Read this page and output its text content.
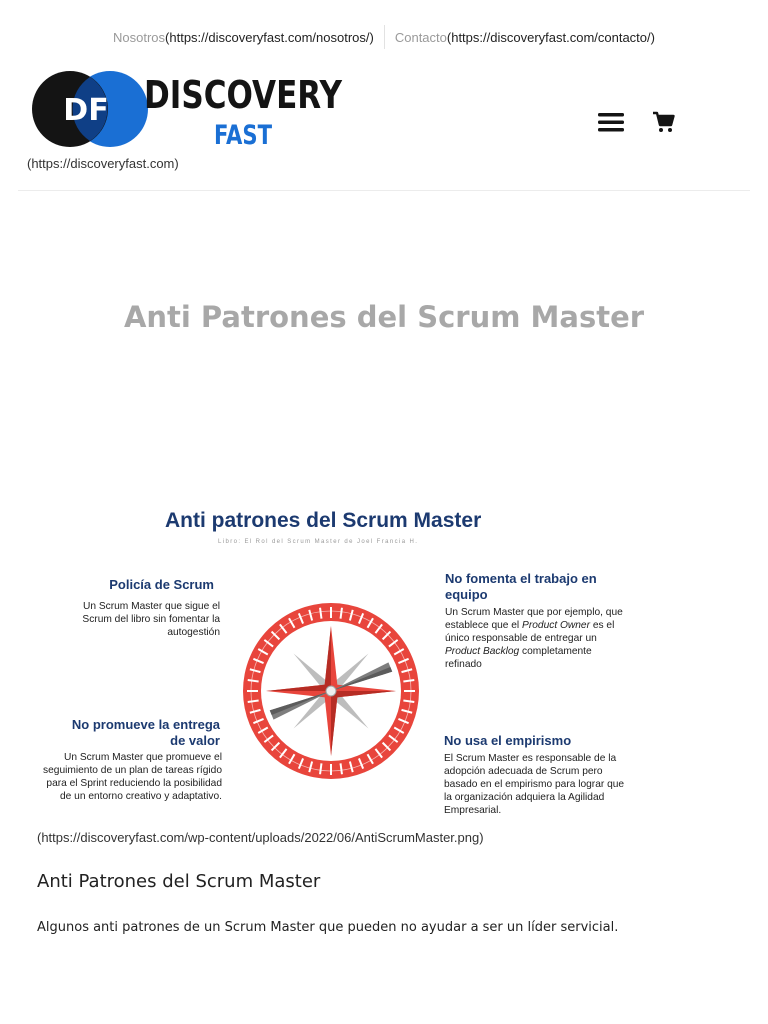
Nosotros(https://discoveryfast.com/nosotros/) Contacto(https://discoveryfast.com/contacto/)
DF DISCOVERY
FAST
(https://discoveryfast.com)
Anti Patrones del Scrum Master
Anti patrones del Scrum Master
Libro: El Rol del Scrum Master de Joel Francia H.

Policía de Scrum

Un Scrum Master que sigue el Scrum del libro sin fomentar la autogestión

No fomenta el trabajo en equipo

Un Scrum Master que por ejemplo, que establece que el Product Owner es el único responsable de entregar un Product Backlog completamente refinado

No promueve la entrega de valor

Un Scrum Master que promueve el seguimiento de un plan de tareas rígido para el Sprint reduciendo la posibilidad de un entorno creativo y adaptativo.

No usa el empirismo

El Scrum Master es responsable de la adopción adecuada de Scrum pero basado en el empirismo para lograr que la organización adquiera la Agilidad Empresarial.

(https://discoveryfast.com/wp-content/uploads/2022/06/AntiScrumMaster.png)
Anti Patrones del Scrum Master

Algunos anti patrones de un Scrum Master que pueden no ayudar a ser un líder servicial.
